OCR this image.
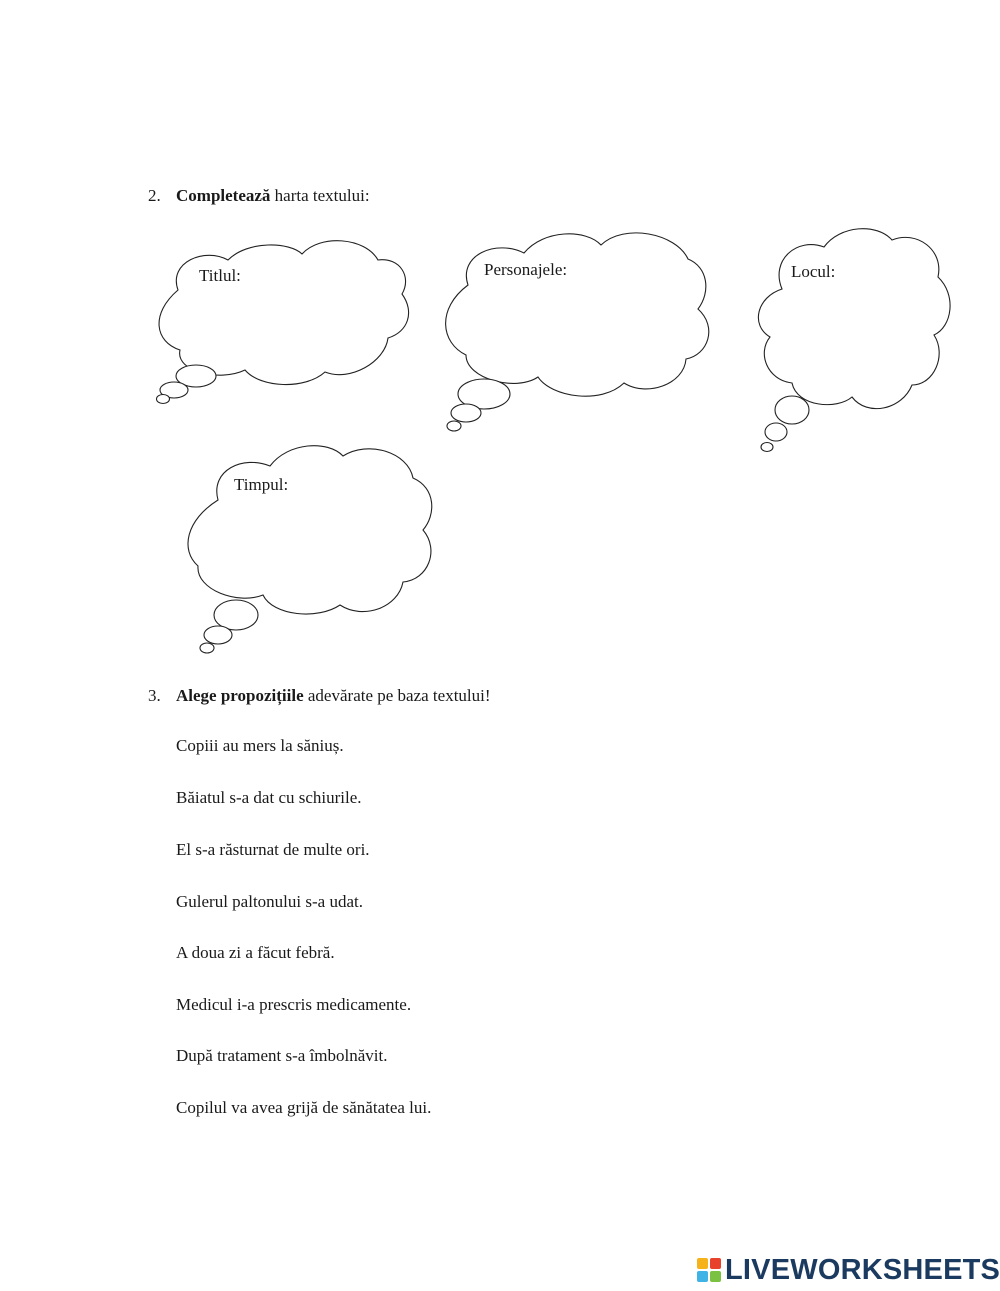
2. Completează harta textului:
Titlul:	Personajele:	Locul:
Timpul:
3. Alege propozițiile adevărate pe baza textului!
Copiii au mers la săniuș.
Băiatul s-a dat cu schiurile.
El s-a răsturnat de multe ori.
Gulerul paltonului s-a udat.
A doua zi a făcut febră.
Medicul i-a prescris medicamente.
După tratament s-a îmbolnăvit.
Copilul va avea grijă de sănătatea lui.
LIVEWORKSHEETS
